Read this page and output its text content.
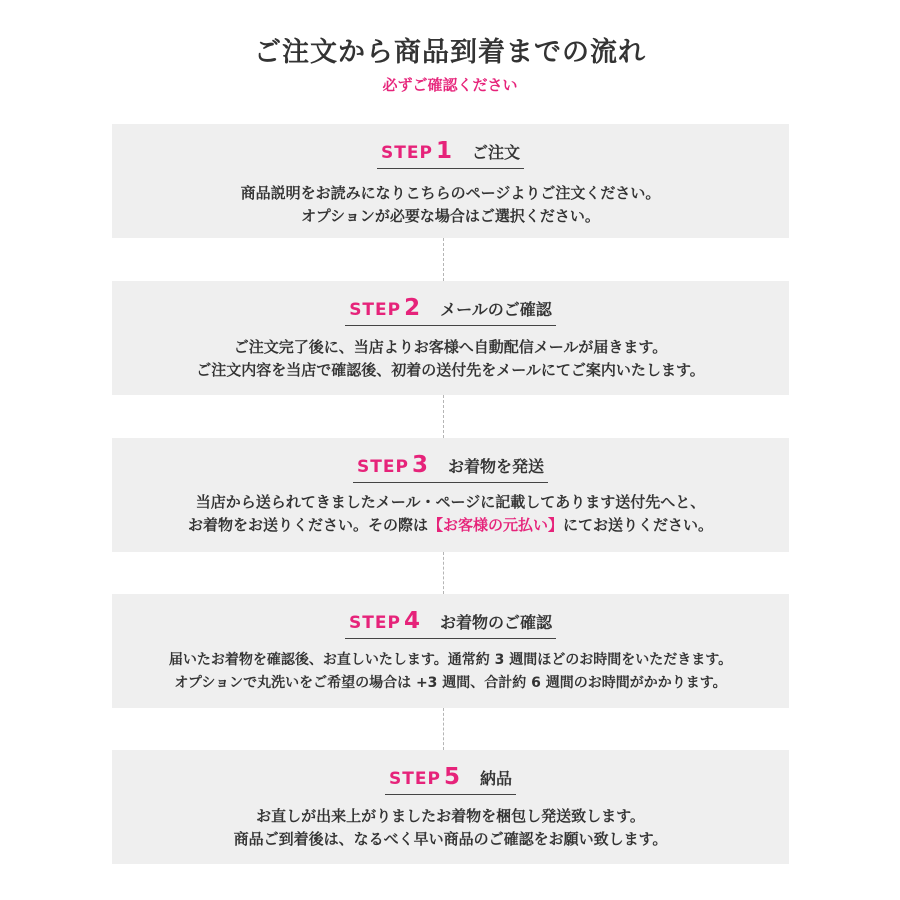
ご注文から商品到着までの流れ
必ずご確認ください
STEP 1 ご注文
商品説明をお読みになりこちらのページよりご注文ください。
オプションが必要な場合はご選択ください。
STEP 2 メールのご確認
ご注文完了後に、当店よりお客様へ自動配信メールが届きます。
ご注文内容を当店で確認後、初着の送付先をメールにてご案内いたします。
STEP 3 お着物を発送
当店から送られてきましたメール・ページに記載してあります送付先へと、
お着物をお送りください。その際は【お客様の元払い】にてお送りください。
STEP 4 お着物のご確認
届いたお着物を確認後、お直しいたします。通常約 3 週間ほどのお時間をいただきます。
オプションで丸洗いをご希望の場合は +3 週間、合計約 6 週間のお時間がかかります。
STEP 5 納品
お直しが出来上がりましたお着物を梱包し発送致します。
商品ご到着後は、なるべく早い商品のご確認をお願い致します。
